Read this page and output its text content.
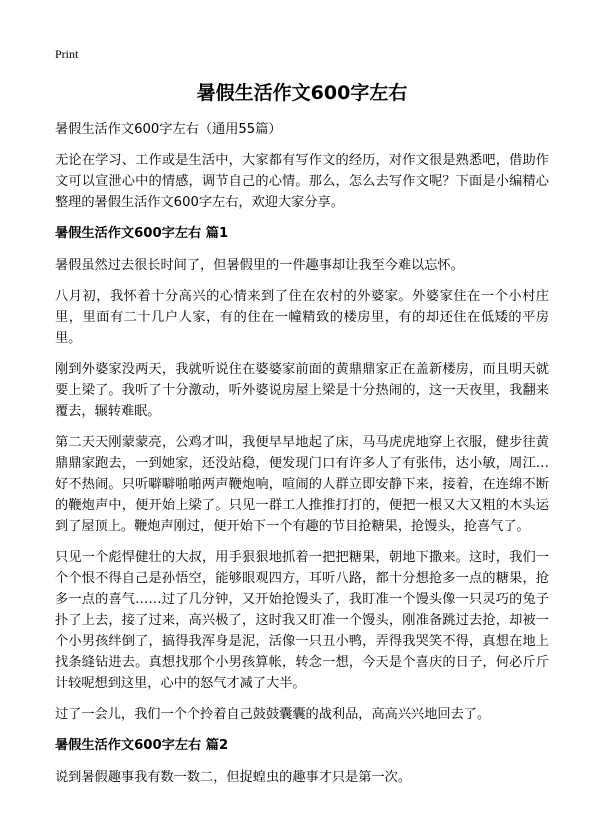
Print
暑假生活作文600字左右

暑假生活作文600字左右（通用55篇）

无论在学习、工作或是生活中，大家都有写作文的经历，对作文很是熟悉吧，借助作文可以宣泄心中的情感，调节自己的心情。那么，怎么去写作文呢？下面是小编精心整理的暑假生活作文600字左右，欢迎大家分享。

暑假生活作文600字左右 篇1

暑假虽然过去很长时间了，但暑假里的一件趣事却让我至今难以忘怀。

八月初，我怀着十分高兴的心情来到了住在农村的外婆家。外婆家住在一个小村庄里，里面有二十几户人家，有的住在一幢精致的楼房里，有的却还住在低矮的平房里。

刚到外婆家没两天，我就听说住在婆婆家前面的黄鼎鼎家正在盖新楼房，而且明天就要上梁了。我听了十分激动，听外婆说房屋上梁是十分热闹的，这一天夜里，我翻来覆去，辗转难眠。

第二天天刚蒙蒙亮，公鸡才叫，我便早早地起了床，马马虎虎地穿上衣服，健步往黄鼎鼎家跑去，一到她家，还没站稳，便发现门口有许多人了有张伟，达小敏，周江…好不热闹。只听噼噼啪啪两声鞭炮响，喧闹的人群立即安静下来，接着，在连绵不断的鞭炮声中，便开始上梁了。只见一群工人推推打打的，便把一根又大又粗的木头运到了屋顶上。鞭炮声刚过，便开始下一个有趣的节目抢糖果，抢馒头，抢喜气了。

只见一个彪悍健壮的大叔，用手狠狠地抓着一把把糖果，朝地下撒来。这时，我们一个个恨不得自己是孙悟空，能够眼观四方，耳听八路，都十分想抢多一点的糖果，抢多一点的喜气……过了几分钟，又开始抢馒头了，我盯准一个馒头像一只灵巧的兔子扑了上去，接了过来，高兴极了，这时我又盯准一个馒头，刚准备跳过去抢，却被一个小男孩绊倒了，搞得我浑身是泥，活像一只丑小鸭，弄得我哭笑不得，真想在地上找条缝钻进去。真想找那个小男孩算帐，转念一想，今天是个喜庆的日子，何必斤斤计较呢想到这里，心中的怒气才减了大半。

过了一会儿，我们一个个拎着自己鼓鼓囊囊的战利品，高高兴兴地回去了。

暑假生活作文600字左右 篇2

说到暑假趣事我有数一数二，但捉蝗虫的趣事才只是第一次。
